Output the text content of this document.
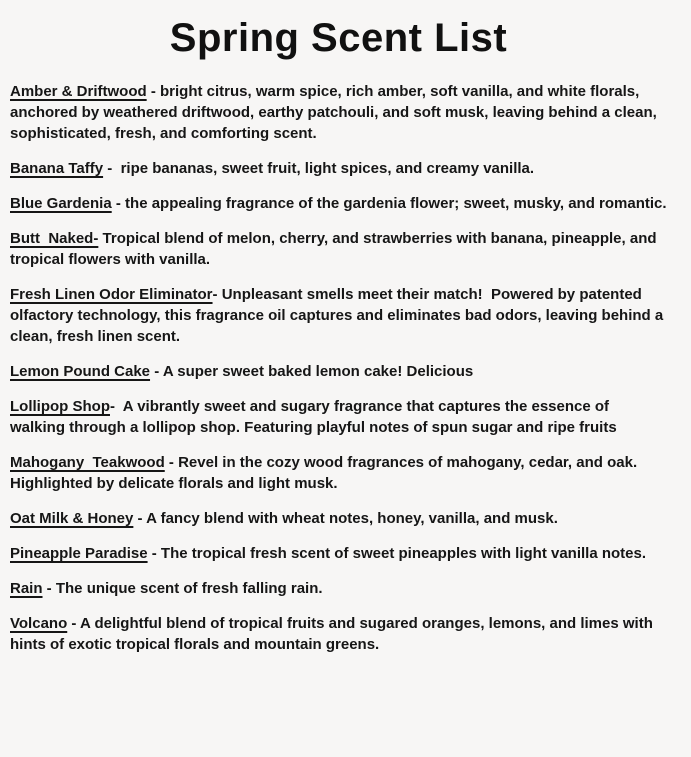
Spring Scent List

Amber & Driftwood - bright citrus, warm spice, rich amber, soft vanilla, and white florals, anchored by weathered driftwood, earthy patchouli, and soft musk, leaving behind a clean, sophisticated, fresh, and comforting scent.

Banana Taffy -  ripe bananas, sweet fruit, light spices, and creamy vanilla.

Blue Gardenia - the appealing fragrance of the gardenia flower; sweet, musky, and romantic.

Butt  Naked- Tropical blend of melon, cherry, and strawberries with banana, pineapple, and tropical flowers with vanilla.

Fresh Linen Odor Eliminator- Unpleasant smells meet their match!  Powered by patented olfactory technology, this fragrance oil captures and eliminates bad odors, leaving behind a clean, fresh linen scent.

Lemon Pound Cake - A super sweet baked lemon cake! Delicious

Lollipop Shop-  A vibrantly sweet and sugary fragrance that captures the essence of walking through a lollipop shop. Featuring playful notes of spun sugar and ripe fruits

Mahogany  Teakwood - Revel in the cozy wood fragrances of mahogany, cedar, and oak. Highlighted by delicate florals and light musk.

Oat Milk & Honey - A fancy blend with wheat notes, honey, vanilla, and musk.

Pineapple Paradise - The tropical fresh scent of sweet pineapples with light vanilla notes.

Rain - The unique scent of fresh falling rain.

Volcano - A delightful blend of tropical fruits and sugared oranges, lemons, and limes with hints of exotic tropical florals and mountain greens.
